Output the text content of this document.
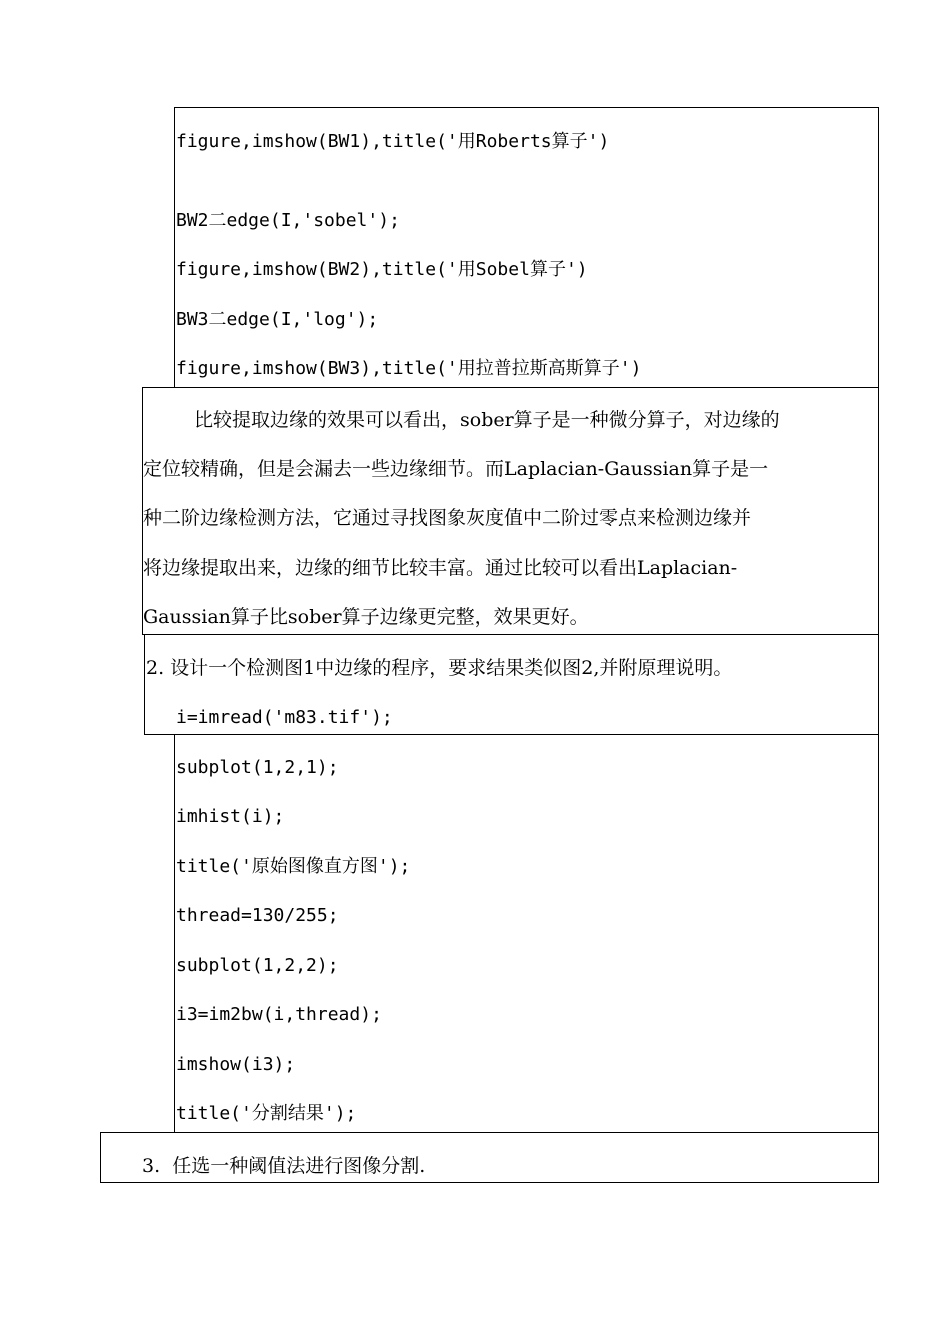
figure,imshow(BW1),title('用Roberts算子')
BW2二edge(I,'sobel');
figure,imshow(BW2),title('用Sobel算子')
BW3二edge(I,'log');
figure,imshow(BW3),title('用拉普拉斯高斯算子')
比较提取边缘的效果可以看出，sober算子是一种微分算子，对边缘的
定位较精确，但是会漏去一些边缘细节。而Laplacian-Gaussian算子是一
种二阶边缘检测方法，它通过寻找图象灰度值中二阶过零点来检测边缘并
将边缘提取出来，边缘的细节比较丰富。通过比较可以看出Laplacian-
Gaussian算子比sober算子边缘更完整，效果更好。
2. 设计一个检测图1中边缘的程序，要求结果类似图2,并附原理说明。
i=imread('m83.tif');
subplot(1,2,1);
imhist(i);
title('原始图像直方图');
thread=130/255;
subplot(1,2,2);
i3=im2bw(i,thread);
imshow(i3);
title('分割结果');
3.  任选一种阈值法进行图像分割.
